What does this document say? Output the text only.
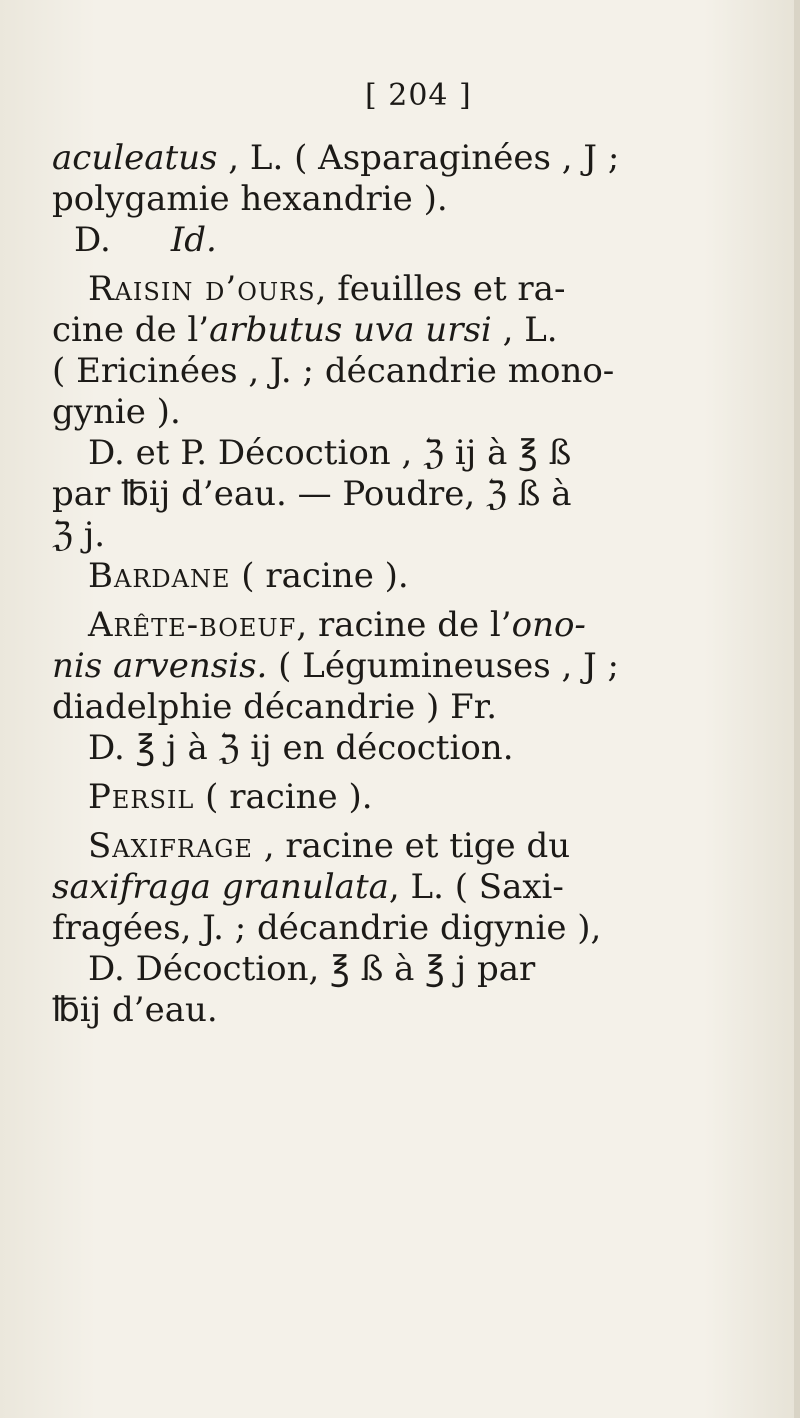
[ 204 ]
aculeatus , L. ( Asparaginées , J ;
polygamie hexandrie ).
D. Id.
Raisin d’ours, feuilles et ra-
cine de l’arbutus uva ursi , L.
( Ericinées , J. ; décandrie mono-
gynie ).
D. et P. Décoction , ℨ ij à ℥ ß
par ℔ij d’eau. — Poudre, ℨ ß à
ℨ j.
Bardane ( racine ).
Arête-boeuf, racine de l’ono-
nis arvensis. ( Légumineuses , J ;
diadelphie décandrie ) Fr.
D. ℥ j à ℨ ij en décoction.
Persil ( racine ).
Saxifrage , racine et tige du
saxifraga granulata, L. ( Saxi-
fragées, J. ; décandrie digynie ),
D. Décoction, ℥ ß à ℥ j par
℔ij d’eau.
